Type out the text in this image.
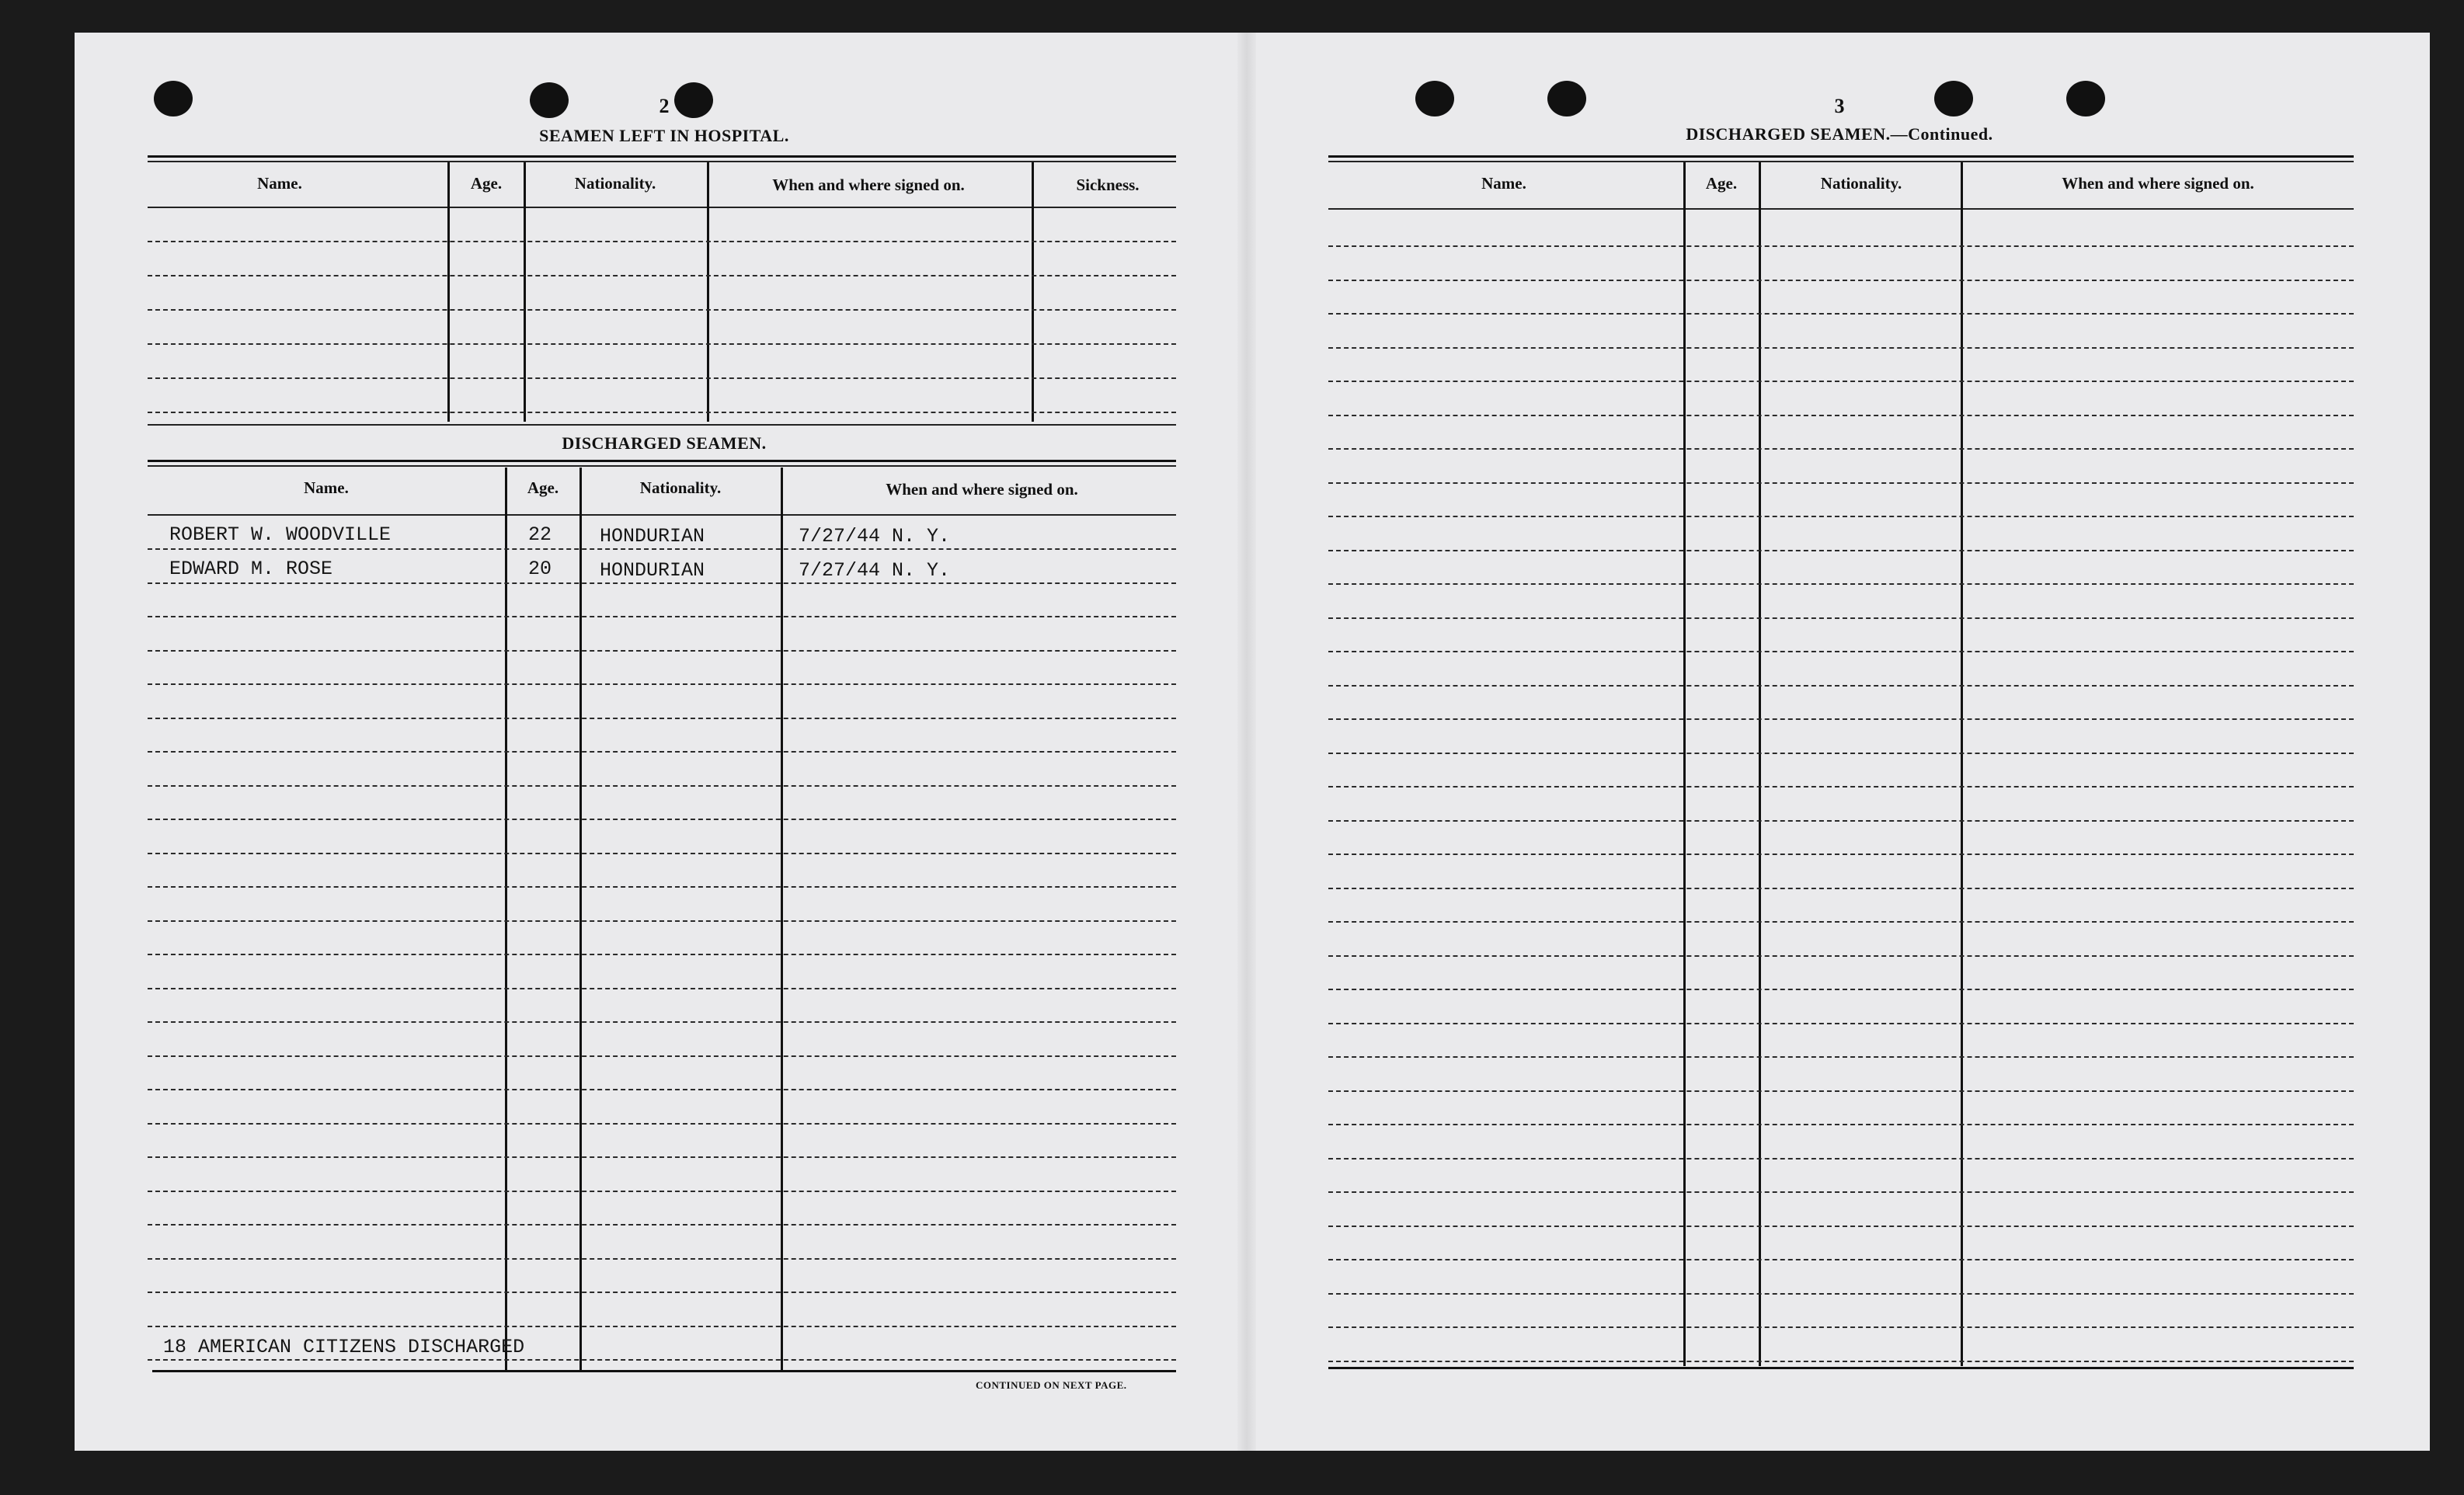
2
SEAMEN LEFT IN HOSPITAL.
Name.	Age.	Nationality.	When and where signed on.	Sickness.
DISCHARGED SEAMEN.
Name.	Age.	Nationality.	When and where signed on.
ROBERT W. WOODVILLE	22 HONDURIAN	7/27/44 N. Y.
EDWARD M. ROSE	20 HONDURIAN	7/27/44 N. Y.
18 AMERICAN CITIZENS DISCHARGED
CONTINUED ON NEXT PAGE.
3
DISCHARGED SEAMEN.—Continued.
Name.	Age.	Nationality.	When and where signed on.
